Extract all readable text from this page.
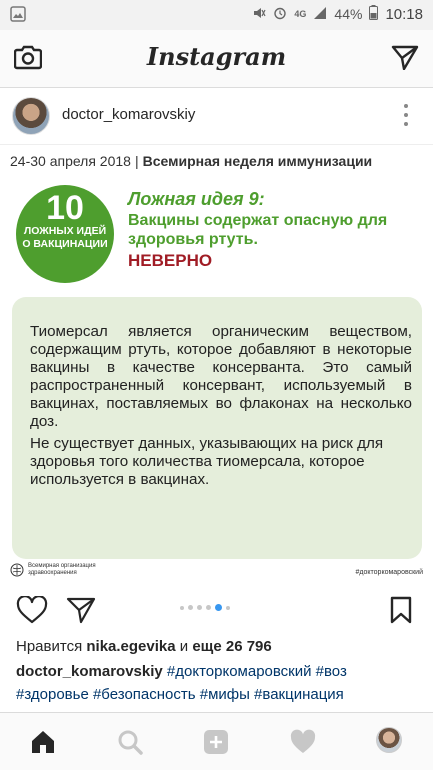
4G 44% 10:18
Instagram
doctor_komarovskiy
24-30 апреля 2018 | Всемирная неделя иммунизации
10
ЛОЖНЫХ ИДЕЙ
О ВАКЦИНАЦИИ
Ложная идея 9:
Вакцины содержат опасную для здоровья ртуть.
НЕВЕРНО

Тиомерсал является органическим веществом, содержащим ртуть, которое добавляют в некоторые вакцины в качестве консерванта. Это самый распространенный консервант, используемый в вакцинах, поставляемых во флаконах на несколько доз.

Не существует данных, указывающих на риск для здоровья того количества тиомерсала, которое используется в вакцинах.

Всемирная организация
здравоохранения	#докторкомаровский
Нравится nika.egevika и еще 26 796
doctor_komarovskiy #докторкомаровский #воз
#здоровье #безопасность #мифы #вакцинация
